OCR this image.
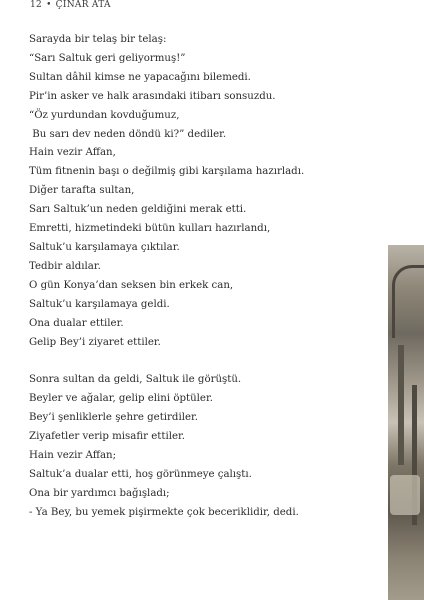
12 • ÇINAR ATA
Sarayda bir telaş bir telaş:
“Sarı Saltuk geri geliyormuş!”
Sultan dâhil kimse ne yapacağını bilemedi.
Pir’in asker ve halk arasındaki itibarı sonsuzdu.
“Öz yurdundan kovduğumuz,
Bu sarı dev neden döndü ki?” dediler.
Hain vezir Affan,
Tüm fitnenin başı o değilmiş gibi karşılama hazırladı.
Diğer tarafta sultan,
Sarı Saltuk’un neden geldiğini merak etti.
Emretti, hizmetindeki bütün kulları hazırlandı,
Saltuk’u karşılamaya çıktılar.
Tedbir aldılar.
O gün Konya’dan seksen bin erkek can,
Saltuk’u karşılamaya geldi.
Ona dualar ettiler.
Gelip Bey’i ziyaret ettiler.
Sonra sultan da geldi, Saltuk ile görüştü.
Beyler ve ağalar, gelip elini öptüler.
Bey’i şenliklerle şehre getirdiler.
Ziyafetler verip misafir ettiler.
Hain vezir Affan;
Saltuk’a dualar etti, hoş görünmeye çalıştı.
Ona bir yardımcı bağışladı;
- Ya Bey, bu yemek pişirmekte çok beceriklidir, dedi.
